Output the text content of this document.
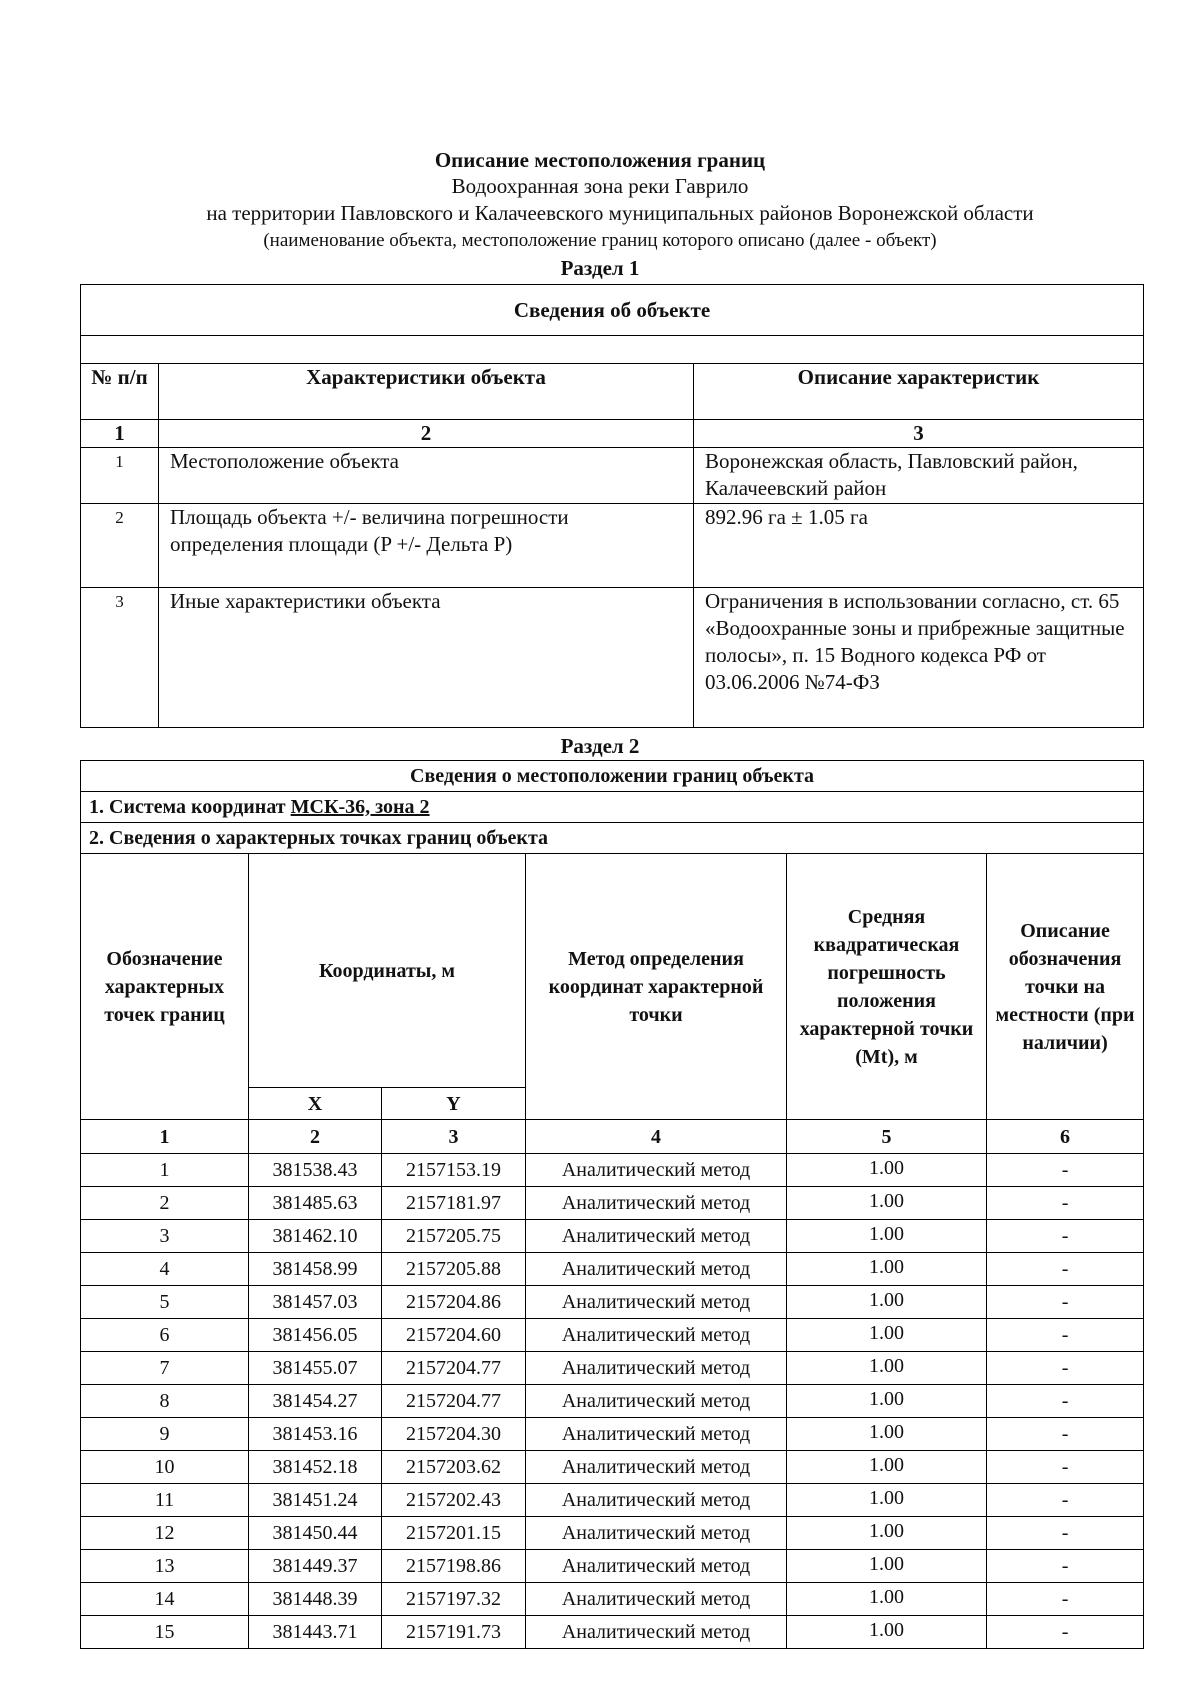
Описание местоположения границ
Водоохранная зона реки Гаврило
на территории Павловского и Калачеевского муниципальных районов Воронежской области
(наименование объекта, местоположение границ которого описано (далее - объект)
Раздел 1
Сведения об объекте		

№ п/п	Характеристики объекта	Описание характеристик
1	2	3
1	Местоположение объекта	Воронежская область, Павловский район, Калачеевский район
2	Площадь объекта +/- величина погрешности определения площади (P +/- Дельта P)	892.96 га ± 1.05 га
3	Иные характеристики объекта	Ограничения в использовании согласно, ст. 65 «Водоохранные зоны и прибрежные защитные полосы», п. 15 Водного кодекса РФ от 03.06.2006 №74-ФЗ
Раздел 2
Сведения о местоположении границ объекта					
1. Система координат МСК-36, зона 2					
2. Сведения о характерных точках границ объекта					
Обозначение характерных точек границ	Координаты, м		Метод определения координат характерной точки	Средняя квадратическая погрешность положения характерной точки (Mt), м	Описание обозначения точки на местности (при наличии)
	X	Y			
1	2	3	4	5	6
1	381538.43	2157153.19	Аналитический метод	1.00	-
2	381485.63	2157181.97	Аналитический метод	1.00	-
3	381462.10	2157205.75	Аналитический метод	1.00	-
4	381458.99	2157205.88	Аналитический метод	1.00	-
5	381457.03	2157204.86	Аналитический метод	1.00	-
6	381456.05	2157204.60	Аналитический метод	1.00	-
7	381455.07	2157204.77	Аналитический метод	1.00	-
8	381454.27	2157204.77	Аналитический метод	1.00	-
9	381453.16	2157204.30	Аналитический метод	1.00	-
10	381452.18	2157203.62	Аналитический метод	1.00	-
11	381451.24	2157202.43	Аналитический метод	1.00	-
12	381450.44	2157201.15	Аналитический метод	1.00	-
13	381449.37	2157198.86	Аналитический метод	1.00	-
14	381448.39	2157197.32	Аналитический метод	1.00	-
15	381443.71	2157191.73	Аналитический метод	1.00	-
